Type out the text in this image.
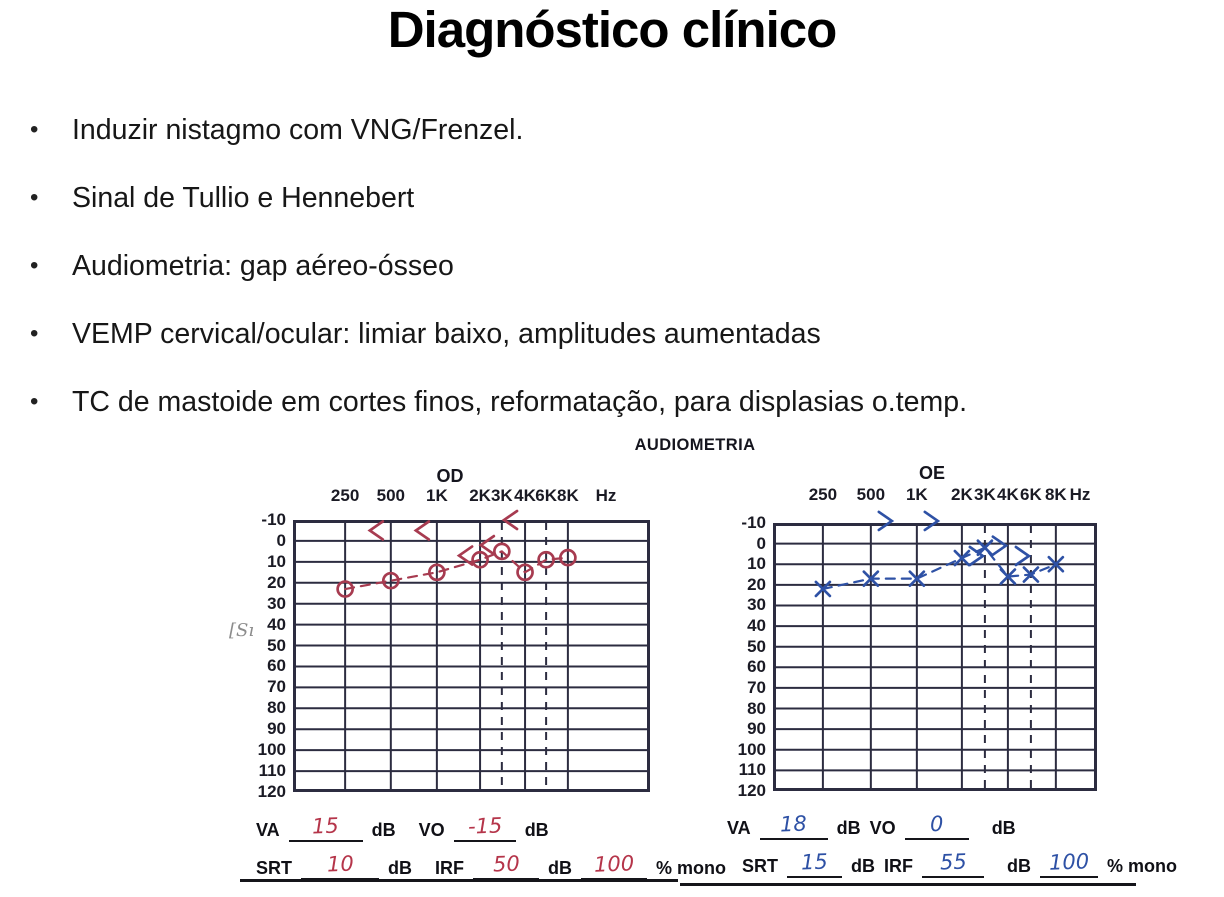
Diagnóstico clínico
•	Induzir nistagmo com VNG/Frenzel.
•	Sinal de Tullio e Hennebert
•	Audiometria: gap aéreo-ósseo
•	VEMP cervical/ocular: limiar baixo, amplitudes aumentadas
•	TC de mastoide em cortes finos, reformatação, para displasias o.temp.
AUDIOMETRIA
OD	OE
250 500 1K 2K 3K 4K 6K 8K Hz
-10
0
10
20
30
40
50
60
70
80
90
100
110
120
250 500 1K 2K 3K 4K 6K 8K Hz
-10
0
10
20
30
40
50
60
70
80
90
100
110
120
[Sı
VA	15	dB VO	-15	dB
SRT	10	dB IRF	50	dB	100	% mono
VA	18	dB VO	0	dB
SRT	15	dB IRF	55	dB 100 % mono
